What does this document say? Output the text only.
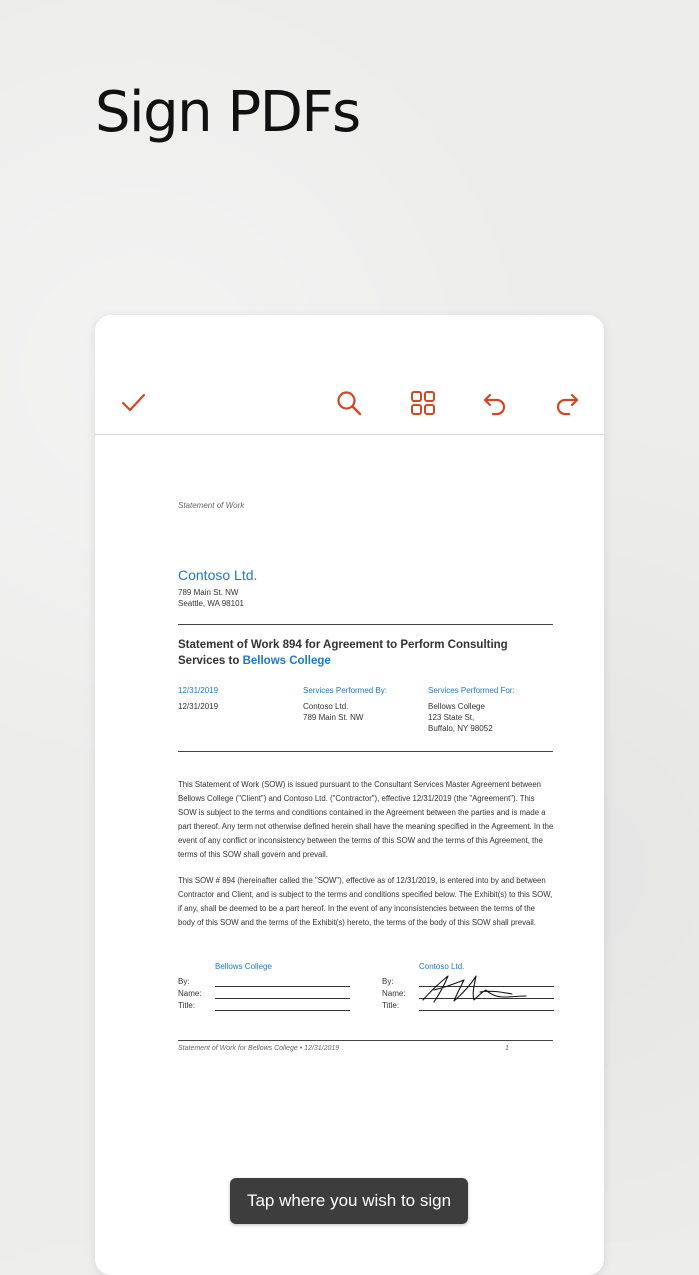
Sign PDFs
Statement of Work
Contoso Ltd.
789 Main St. NW
Seattle, WA 98101
Statement of Work 894 for Agreement to Perform Consulting Services to Bellows College
12/31/2019
12/31/2019
Services Performed By:
Contoso Ltd.
789 Main St. NW
Services Performed For:
Bellows College
123 State St,
Buffalo, NY 98052
This Statement of Work (SOW) is issued pursuant to the Consultant Services Master Agreement between Bellows College ("Client") and Contoso Ltd. ("Contractor"), effective 12/31/2019 (the "Agreement"). This SOW is subject to the terms and conditions contained in the Agreement between the parties and is made a part thereof. Any term not otherwise defined herein shall have the meaning specified in the Agreement. In the event of any conflict or inconsistency between the terms of this SOW and the terms of this Agreement, the terms of this SOW shall govern and prevail.
This SOW # 894 (hereinafter called the "SOW"), effective as of 12/31/2019, is entered into by and between Contractor and Client, and is subject to the terms and conditions specified below. The Exhibit(s) to this SOW, if any, shall be deemed to be a part hereof. In the event of any inconsistencies between the terms of the body of this SOW and the terms of the Exhibit(s) hereto, the terms of the body of this SOW shall prevail.
Bellows College
By:
Name:
Title:
Contoso Ltd.
By:
Name:
Title:
Statement of Work for Bellows College • 12/31/2019	1
Tap where you wish to sign
